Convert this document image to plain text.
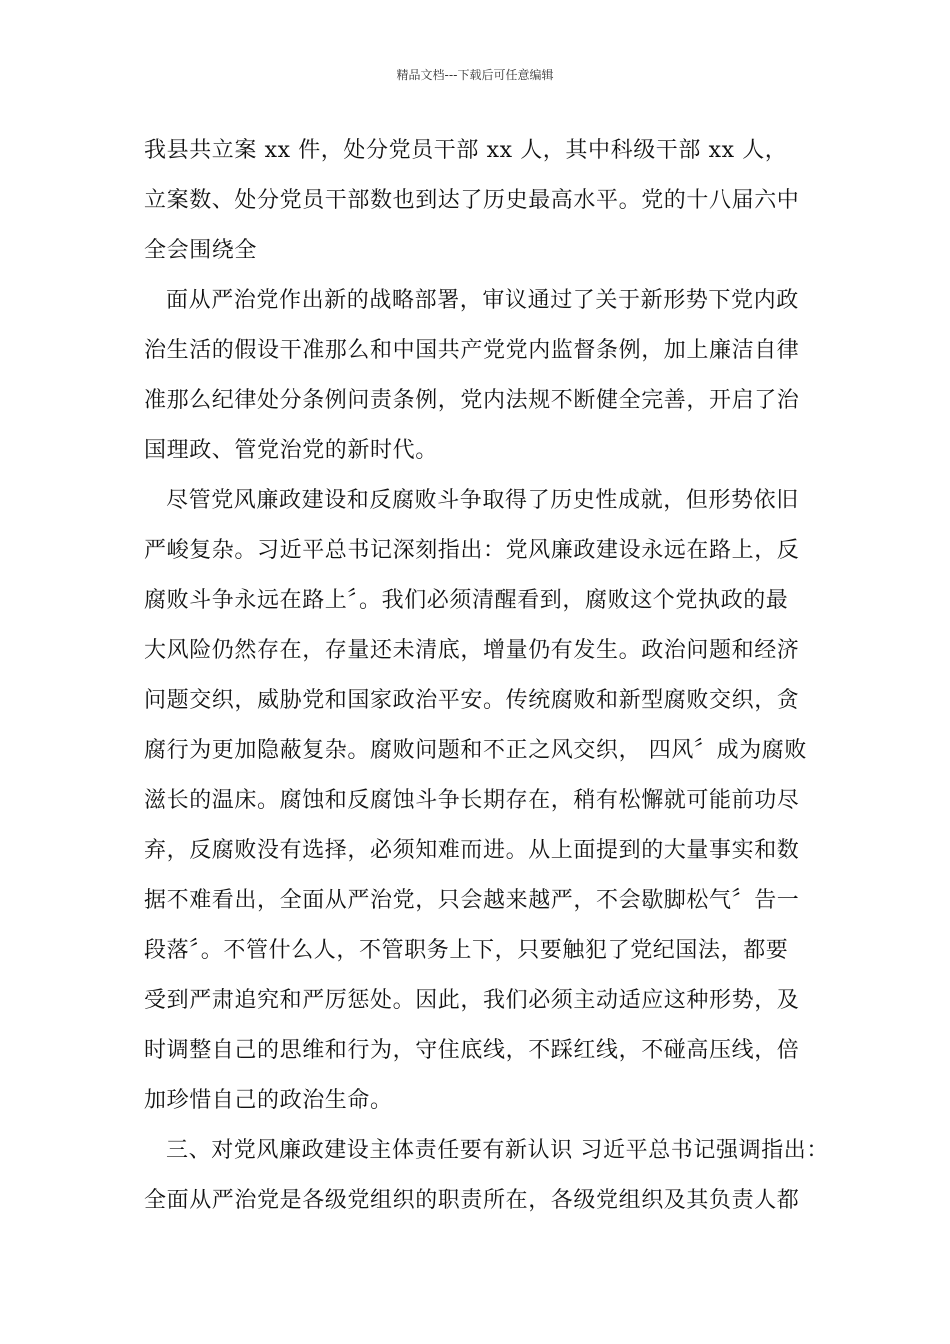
精品文档---下载后可任意编辑
我县共立案 xx 件，处分党员干部 xx 人，其中科级干部 xx 人，
立案数、处分党员干部数也到达了历史最高水平。党的十八届六中
全会围绕全
面从严治党作出新的战略部署，审议通过了关于新形势下党内政
治生活的假设干准那么和中国共产党党内监督条例，加上廉洁自律
准那么纪律处分条例问责条例，党内法规不断健全完善，开启了治
国理政、管党治党的新时代。
尽管党风廉政建设和反腐败斗争取得了历史性成就，但形势依旧
严峻复杂。习近平总书记深刻指出：党风廉政建设永远在路上，反
腐败斗争永远在路上〞。我们必须清醒看到，腐败这个党执政的最
大风险仍然存在，存量还未清底，增量仍有发生。政治问题和经济
问题交织，威胁党和国家政治平安。传统腐败和新型腐败交织，贪
腐行为更加隐蔽复杂。腐败问题和不正之风交织， 四风〞成为腐败
滋长的温床。腐蚀和反腐蚀斗争长期存在，稍有松懈就可能前功尽
弃，反腐败没有选择，必须知难而进。从上面提到的大量事实和数
据不难看出，全面从严治党，只会越来越严，不会歇脚松气〞告一
段落〞。不管什么人，不管职务上下，只要触犯了党纪国法，都要
受到严肃追究和严厉惩处。因此，我们必须主动适应这种形势，及
时调整自己的思维和行为，守住底线，不踩红线，不碰高压线，倍
加珍惜自己的政治生命。
三、对党风廉政建设主体责任要有新认识 习近平总书记强调指出：
全面从严治党是各级党组织的职责所在，各级党组织及其负责人都
